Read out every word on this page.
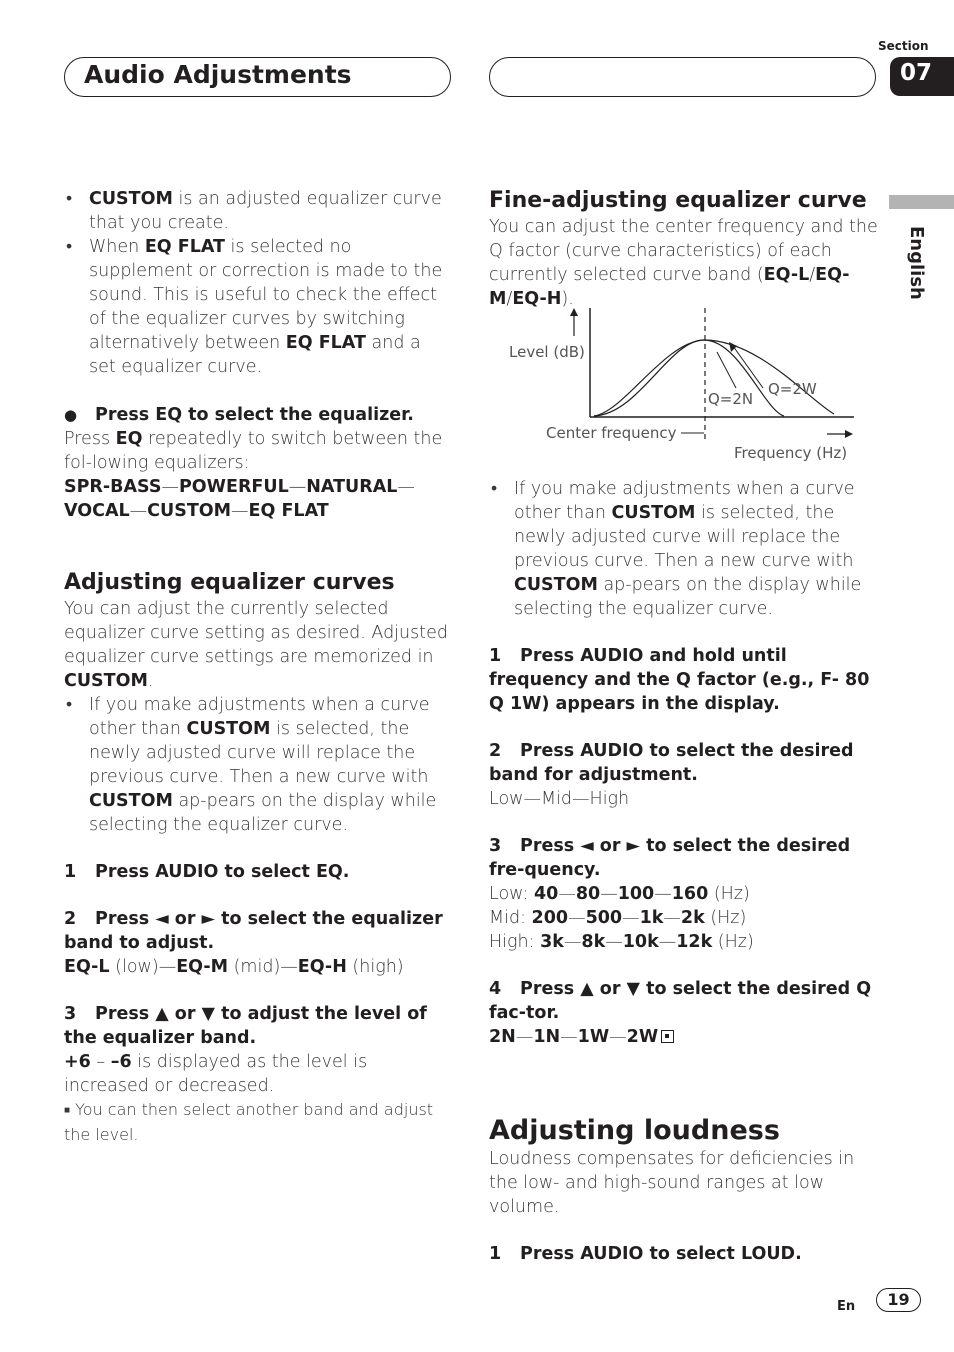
Audio Adjustments
Section
07
English

• CUSTOM is an adjusted equalizer curve that you create.

• When EQ FLAT is selected no supplement or correction is made to the sound. This is useful to check the effect of the equalizer curves by switching alternatively between EQ FLAT and a set equalizer curve.

● Press EQ to select the equalizer.

Press EQ repeatedly to switch between the fol-lowing equalizers:

SPR-BASS—POWERFUL—NATURAL—
VOCAL—CUSTOM—EQ FLAT

Adjusting equalizer curves

You can adjust the currently selected equalizer curve setting as desired. Adjusted equalizer curve settings are memorized in CUSTOM.

• If you make adjustments when a curve other than CUSTOM is selected, the newly adjusted curve will replace the previous curve. Then a new curve with CUSTOM ap-pears on the display while selecting the equalizer curve.

1 Press AUDIO to select EQ.

2 Press ◄ or ► to select the equalizer band to adjust.

EQ-L (low)—EQ-M (mid)—EQ-H (high)

3 Press ▲ or ▼ to adjust the level of the equalizer band.

+6 – –6 is displayed as the level is increased or decreased.

■ You can then select another band and adjust the level.

Fine-adjusting equalizer curve

You can adjust the center frequency and the Q factor (curve characteristics) of each currently selected curve band (EQ-L/EQ-M/EQ-H).

Level (dB)
Q=2N
Q=2W
Center frequency
Frequency (Hz)

• If you make adjustments when a curve other than CUSTOM is selected, the newly adjusted curve will replace the previous curve. Then a new curve with CUSTOM ap-pears on the display while selecting the equalizer curve.

1 Press AUDIO and hold until frequency and the Q factor (e.g., F- 80 Q 1W) appears in the display.

2 Press AUDIO to select the desired band for adjustment.

Low—Mid—High

3 Press ◄ or ► to select the desired fre-quency.

Low: 40—80—100—160 (Hz)

Mid: 200—500—1k—2k (Hz)

High: 3k—8k—10k—12k (Hz)

4 Press ▲ or ▼ to select the desired Q fac-tor.

2N—1N—1W—2W

Adjusting loudness

Loudness compensates for deficiencies in the low- and high-sound ranges at low volume.

1 Press AUDIO to select LOUD.

En	19
